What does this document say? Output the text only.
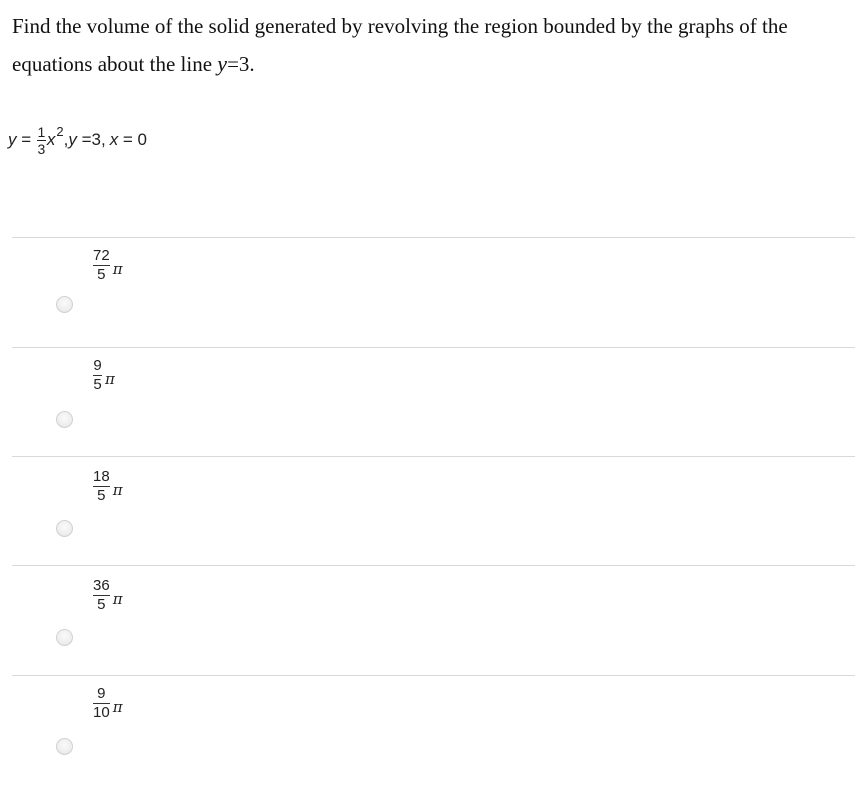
Find the volume of the solid generated by revolving the region bounded by the graphs of the equations about the line y=3.
$y = \frac{1}{3}$ x 2 , y =3, x = 0
$\frac{72}{5}$ π
$\frac{9}{5}$ π
$\frac{18}{5}$ π
$\frac{36}{5}$ π
$\frac{9}{10}$ π
